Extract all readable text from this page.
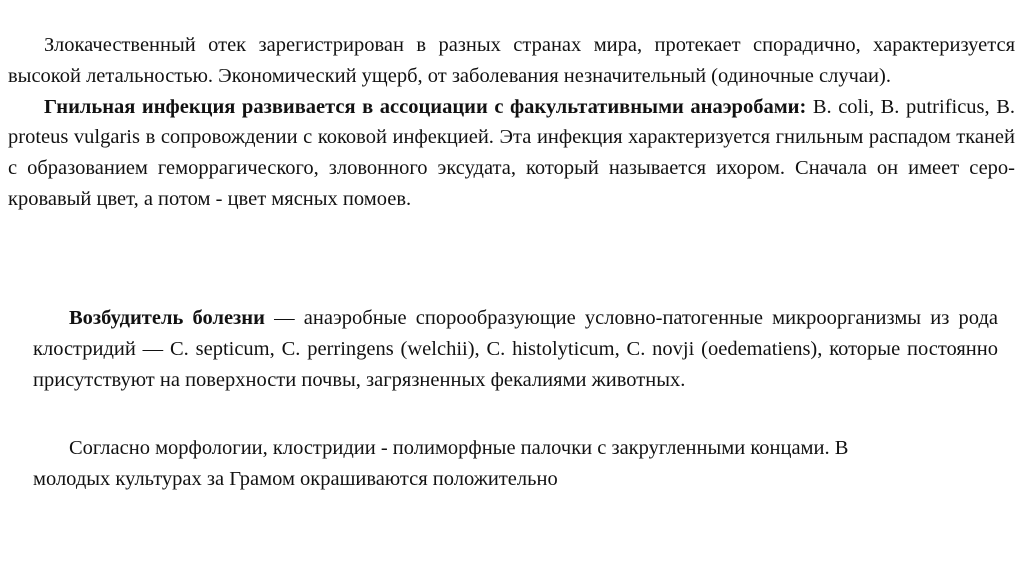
Злокачественный отек зарегистрирован в разных странах мира, протекает спорадично, характеризуется высокой летальностью. Экономический ущерб, от заболевания незначительный (одиночные случаи).

Гнильная инфекция развивается в ассоциации с факультативными анаэробами: B. coli, B. putrificus, B. proteus vulgaris в сопровождении с коковой инфекцией. Эта инфекция характеризуется гнильным распадом тканей с образованием геморрагического, зловонного эксудата, который называется ихором. Сначала он имеет серо-кровавый цвет, а потом - цвет мясных помоев.

Возбудитель болезни — анаэробные спорообразующие условно-патогенные микроорганизмы из рода клостридий — C. septicum, C. perringens (welchii), C. histolyticum, C. novji (oedematiens), которые постоянно присутствуют на поверхности почвы, загрязненных фекалиями животных.

Согласно морфологии, клостридии - полиморфные палочки с закругленными концами. В молодых культурах за Грамом окрашиваются положительно
